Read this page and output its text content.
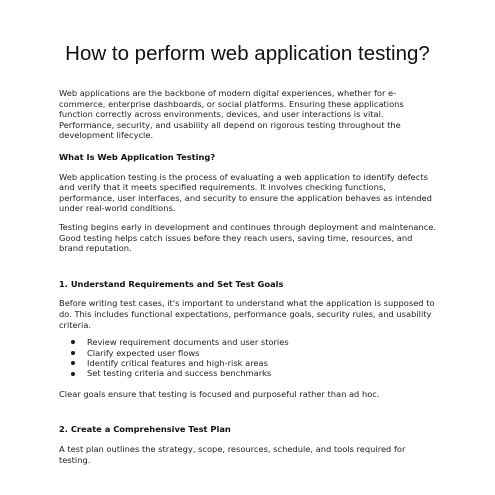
How to perform web application testing?

Web applications are the backbone of modern digital experiences, whether for e-commerce, enterprise dashboards, or social platforms. Ensuring these applications function correctly across environments, devices, and user interactions is vital. Performance, security, and usability all depend on rigorous testing throughout the development lifecycle.

What Is Web Application Testing?

Web application testing is the process of evaluating a web application to identify defects and verify that it meets specified requirements. It involves checking functions, performance, user interfaces, and security to ensure the application behaves as intended under real-world conditions.

Testing begins early in development and continues through deployment and maintenance. Good testing helps catch issues before they reach users, saving time, resources, and brand reputation.

1. Understand Requirements and Set Test Goals

Before writing test cases, it's important to understand what the application is supposed to do. This includes functional expectations, performance goals, security rules, and usability criteria.

Review requirement documents and user stories
Clarify expected user flows
Identify critical features and high-risk areas
Set testing criteria and success benchmarks

Clear goals ensure that testing is focused and purposeful rather than ad hoc.

2. Create a Comprehensive Test Plan

A test plan outlines the strategy, scope, resources, schedule, and tools required for testing.
